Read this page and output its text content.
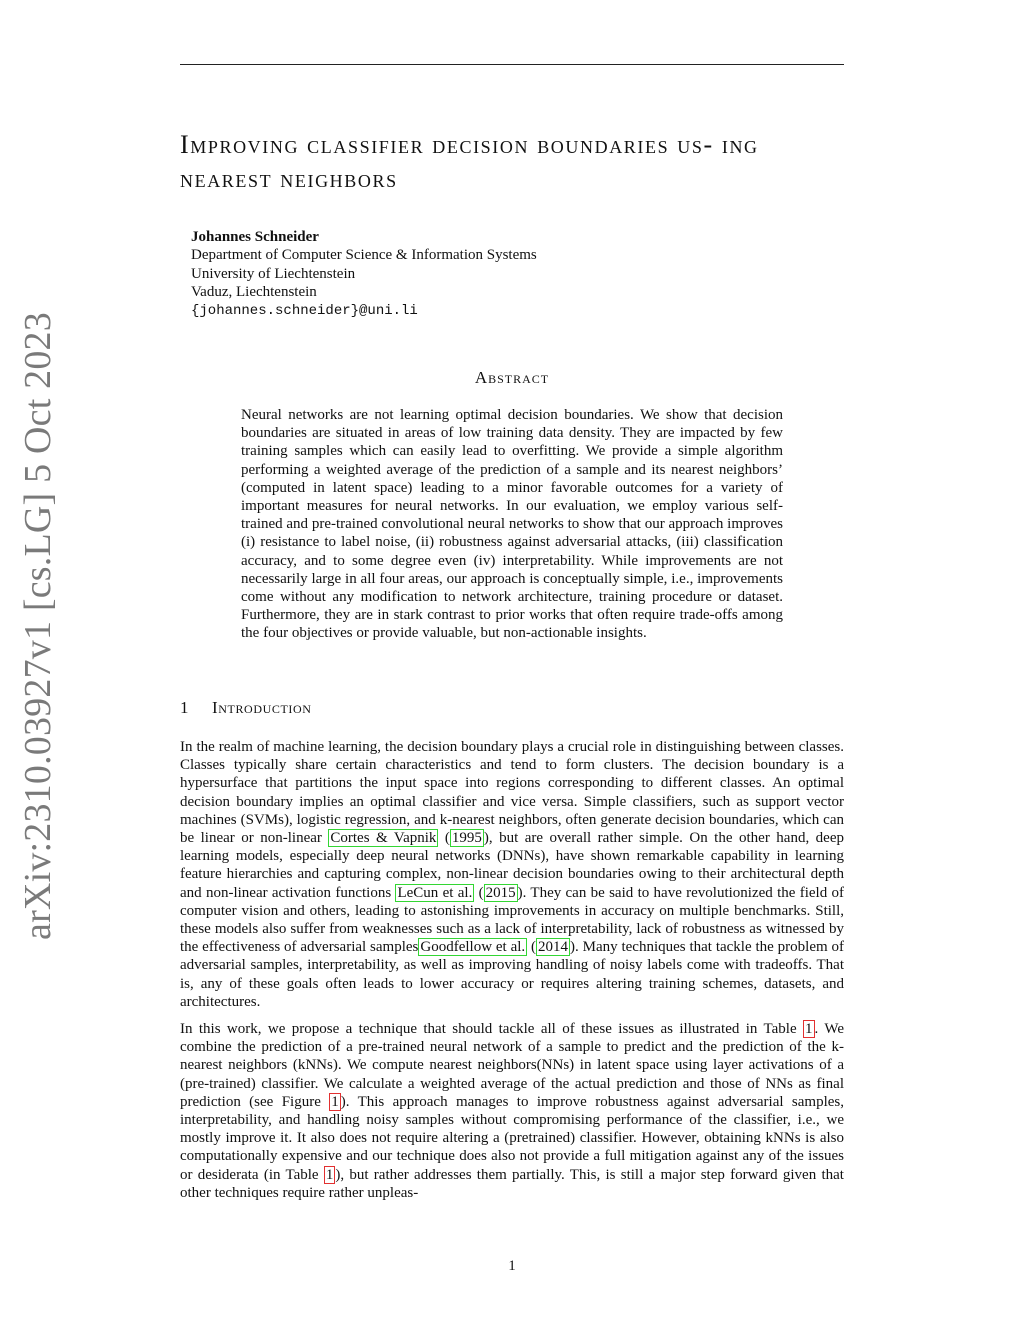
arXiv:2310.03927v1 [cs.LG] 5 Oct 2023
Improving classifier decision boundaries us- ing nearest neighbors
Johannes Schneider
Department of Computer Science & Information Systems
University of Liechtenstein
Vaduz, Liechtenstein
{johannes.schneider}@uni.li
Abstract
Neural networks are not learning optimal decision boundaries. We show that decision boundaries are situated in areas of low training data density. They are impacted by few training samples which can easily lead to overfitting. We provide a simple algorithm performing a weighted average of the prediction of a sample and its nearest neighbors’ (computed in latent space) leading to a minor favorable outcomes for a variety of important measures for neural networks. In our evaluation, we employ various self-trained and pre-trained convolutional neural networks to show that our approach improves (i) resistance to label noise, (ii) robustness against adversarial attacks, (iii) classification accuracy, and to some degree even (iv) interpretability. While improvements are not necessarily large in all four areas, our approach is conceptually simple, i.e., improvements come without any modification to network architecture, training procedure or dataset. Furthermore, they are in stark contrast to prior works that often require trade-offs among the four objectives or provide valuable, but non-actionable insights.
1 Introduction

In the realm of machine learning, the decision boundary plays a crucial role in distinguishing between classes. Classes typically share certain characteristics and tend to form clusters. The decision boundary is a hypersurface that partitions the input space into regions corresponding to different classes. An optimal decision boundary implies an optimal classifier and vice versa. Simple classifiers, such as support vector machines (SVMs), logistic regression, and k-nearest neighbors, often generate decision boundaries, which can be linear or non-linear Cortes & Vapnik ( 1995 ), but are overall rather simple. On the other hand, deep learning models, especially deep neural networks (DNNs), have shown remarkable capability in learning feature hierarchies and capturing complex, non-linear decision boundaries owing to their architectural depth and non-linear activation functions LeCun et al. ( 2015 ). They can be said to have revolutionized the field of computer vision and others, leading to astonishing improvements in accuracy on multiple benchmarks. Still, these models also suffer from weaknesses such as a lack of interpretability, lack of robustness as witnessed by the effectiveness of adversarial samples Goodfellow et al. ( 2014 ). Many techniques that tackle the problem of adversarial samples, interpretability, as well as improving handling of noisy labels come with tradeoffs. That is, any of these goals often leads to lower accuracy or requires altering training schemes, datasets, and architectures.

In this work, we propose a technique that should tackle all of these issues as illustrated in Table 1 . We combine the prediction of a pre-trained neural network of a sample to predict and the prediction of the k-nearest neighbors (kNNs). We compute nearest neighbors(NNs) in latent space using layer activations of a (pre-trained) classifier. We calculate a weighted average of the actual prediction and those of NNs as final prediction (see Figure 1 ). This approach manages to improve robustness against adversarial samples, interpretability, and handling noisy samples without compromising performance of the classifier, i.e., we mostly improve it. It also does not require altering a (pretrained) classifier. However, obtaining kNNs is also computationally expensive and our technique does also not provide a full mitigation against any of the issues or desiderata (in Table 1 ), but rather addresses them partially. This, is still a major step forward given that other techniques require rather unpleas-

1
